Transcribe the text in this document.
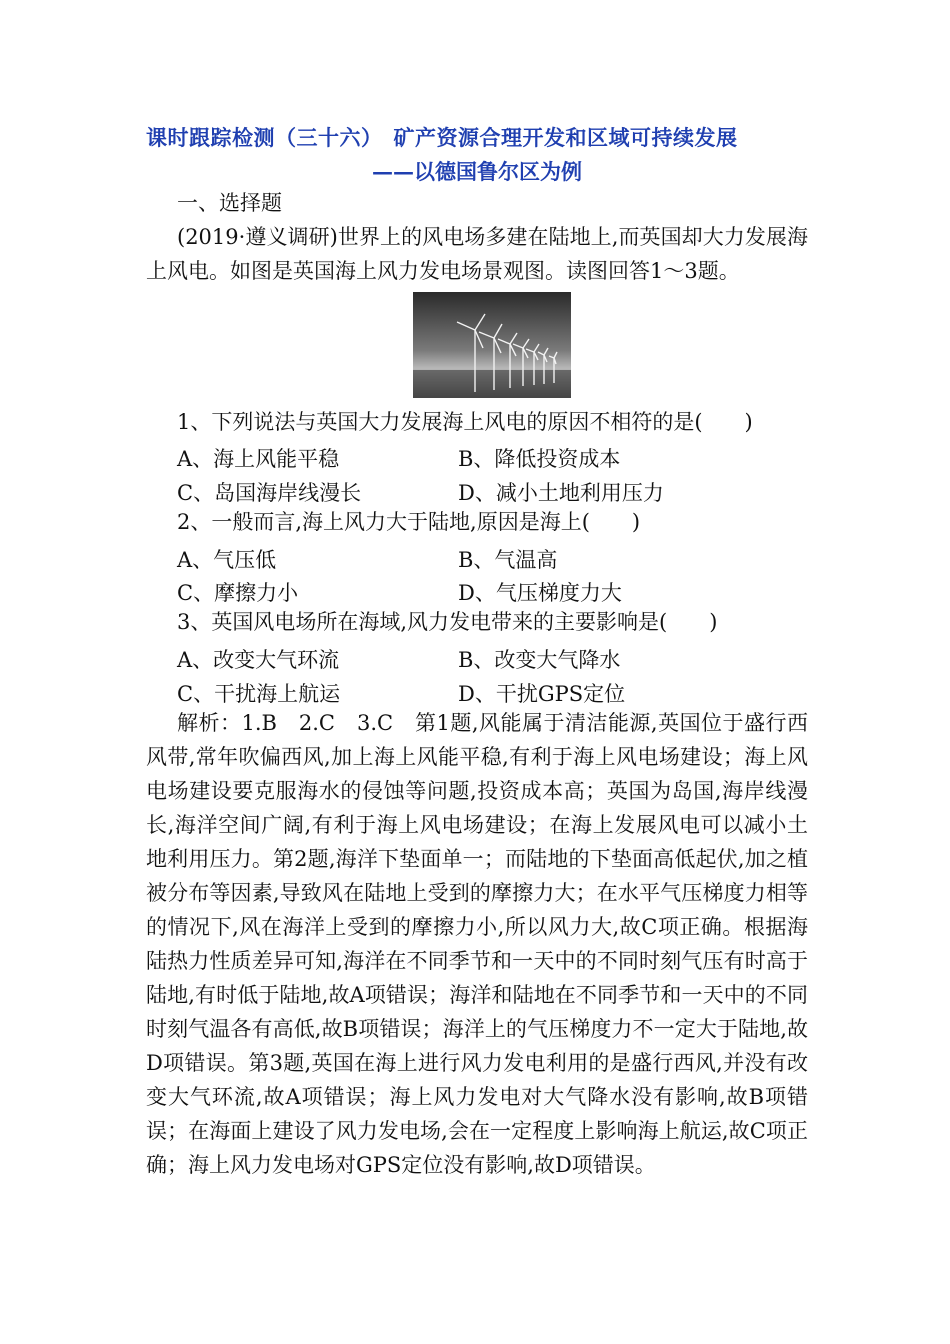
课时跟踪检测（三十六）　矿产资源合理开发和区域可持续发展
——以德国鲁尔区为例
一、选择题
(2019·遵义调研)世界上的风电场多建在陆地上,而英国却大力发展海上风电。如图是英国海上风力发电场景观图。读图回答1～3题。
1、下列说法与英国大力发展海上风电的原因不相符的是(　　)
A、海上风能平稳	B、降低投资成本
C、岛国海岸线漫长	D、减小土地利用压力
2、一般而言,海上风力大于陆地,原因是海上(　　)
A、气压低	B、气温高
C、摩擦力小	D、气压梯度力大
3、英国风电场所在海域,风力发电带来的主要影响是(　　)
A、改变大气环流	B、改变大气降水
C、干扰海上航运	D、干扰GPS定位
解析：1.B　2.C　3.C　第1题,风能属于清洁能源,英国位于盛行西风带,常年吹偏西风,加上海上风能平稳,有利于海上风电场建设；海上风电场建设要克服海水的侵蚀等问题,投资成本高；英国为岛国,海岸线漫长,海洋空间广阔,有利于海上风电场建设；在海上发展风电可以减小土地利用压力。第2题,海洋下垫面单一；而陆地的下垫面高低起伏,加之植被分布等因素,导致风在陆地上受到的摩擦力大；在水平气压梯度力相等的情况下,风在海洋上受到的摩擦力小,所以风力大,故C项正确。根据海陆热力性质差异可知,海洋在不同季节和一天中的不同时刻气压有时高于陆地,有时低于陆地,故A项错误；海洋和陆地在不同季节和一天中的不同时刻气温各有高低,故B项错误；海洋上的气压梯度力不一定大于陆地,故D项错误。第3题,英国在海上进行风力发电利用的是盛行西风,并没有改变大气环流,故A项错误；海上风力发电对大气降水没有影响,故B项错误；在海面上建设了风力发电场,会在一定程度上影响海上航运,故C项正确；海上风力发电场对GPS定位没有影响,故D项错误。
